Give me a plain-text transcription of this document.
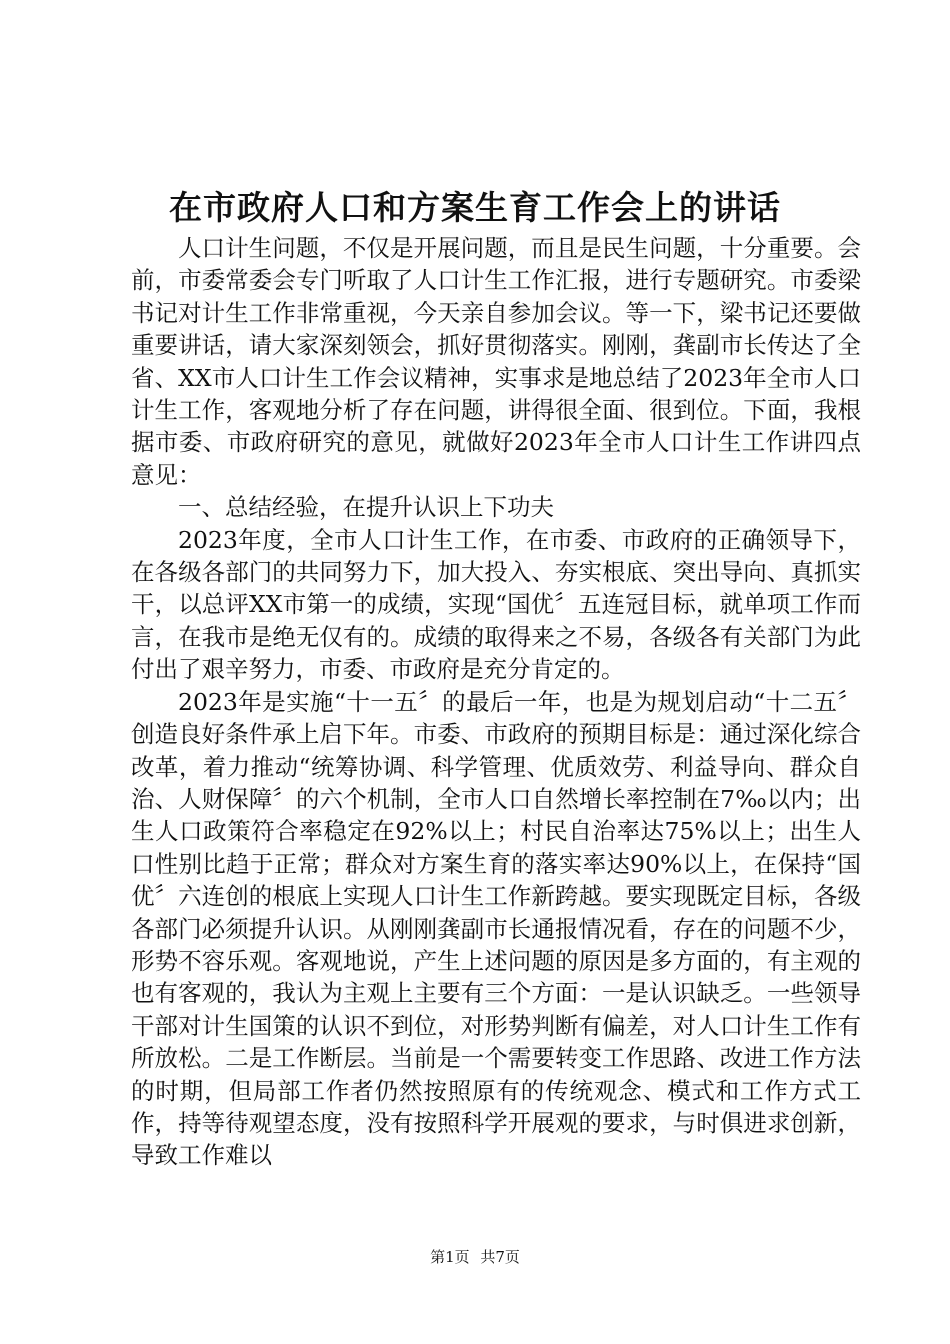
在市政府人口和方案生育工作会上的讲话

人口计生问题，不仅是开展问题，而且是民生问题，十分重要。会前，市委常委会专门听取了人口计生工作汇报，进行专题研究。市委梁书记对计生工作非常重视，今天亲自参加会议。等一下，梁书记还要做重要讲话，请大家深刻领会，抓好贯彻落实。刚刚，龚副市长传达了全省、XX市人口计生工作会议精神，实事求是地总结了2023年全市人口计生工作，客观地分析了存在问题，讲得很全面、很到位。下面，我根据市委、市政府研究的意见，就做好2023年全市人口计生工作讲四点意见：

一、总结经验，在提升认识上下功夫

2023年度，全市人口计生工作，在市委、市政府的正确领导下，在各级各部门的共同努力下，加大投入、夯实根底、突出导向、真抓实干，以总评XX市第一的成绩，实现“国优〞五连冠目标，就单项工作而言，在我市是绝无仅有的。成绩的取得来之不易，各级各有关部门为此付出了艰辛努力，市委、市政府是充分肯定的。

2023年是实施“十一五〞的最后一年，也是为规划启动“十二五〞创造良好条件承上启下年。市委、市政府的预期目标是：通过深化综合改革，着力推动“统筹协调、科学管理、优质效劳、利益导向、群众自治、人财保障〞的六个机制，全市人口自然增长率控制在7‰以内；出生人口政策符合率稳定在92%以上；村民自治率达75%以上；出生人口性别比趋于正常；群众对方案生育的落实率达90%以上，在保持“国优〞六连创的根底上实现人口计生工作新跨越。要实现既定目标，各级各部门必须提升认识。从刚刚龚副市长通报情况看，存在的问题不少，形势不容乐观。客观地说，产生上述问题的原因是多方面的，有主观的也有客观的，我认为主观上主要有三个方面：一是认识缺乏。一些领导干部对计生国策的认识不到位，对形势判断有偏差，对人口计生工作有所放松。二是工作断层。当前是一个需要转变工作思路、改进工作方法的时期，但局部工作者仍然按照原有的传统观念、模式和工作方式工作，持等待观望态度，没有按照科学开展观的要求，与时俱进求创新，导致工作难以

第1页 共7页
